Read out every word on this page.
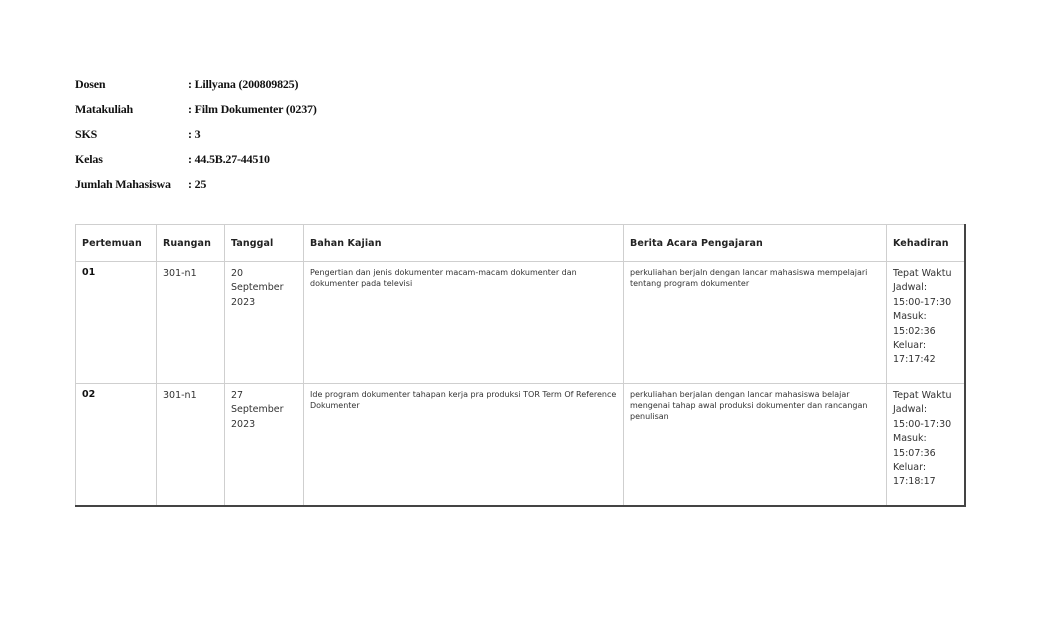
Dosen	: Lillyana (200809825)
Matakuliah	: Film Dokumenter (0237)
SKS	: 3
Kelas	: 44.5B.27-44510
Jumlah Mahasiswa	: 25
Pertemuan	Ruangan	Tanggal	Bahan Kajian	Berita Acara Pengajaran	Kehadiran
01	301-n1	20 September 2023	Pengertian dan jenis dokumenter macam-macam dokumenter dan dokumenter pada televisi	perkuliahan berjaln dengan lancar mahasiswa mempelajari tentang program dokumenter	Tepat Waktu
Jadwal: 15:00-17:30
Masuk: 15:02:36
Keluar: 17:17:42

02	301-n1	27 September 2023	Ide program dokumenter tahapan kerja pra produksi TOR Term Of Reference Dokumenter	perkuliahan berjalan dengan lancar mahasiswa belajar mengenai tahap awal produksi dokumenter dan rancangan penulisan	Tepat Waktu
Jadwal: 15:00-17:30
Masuk: 15:07:36
Keluar: 17:18:17
